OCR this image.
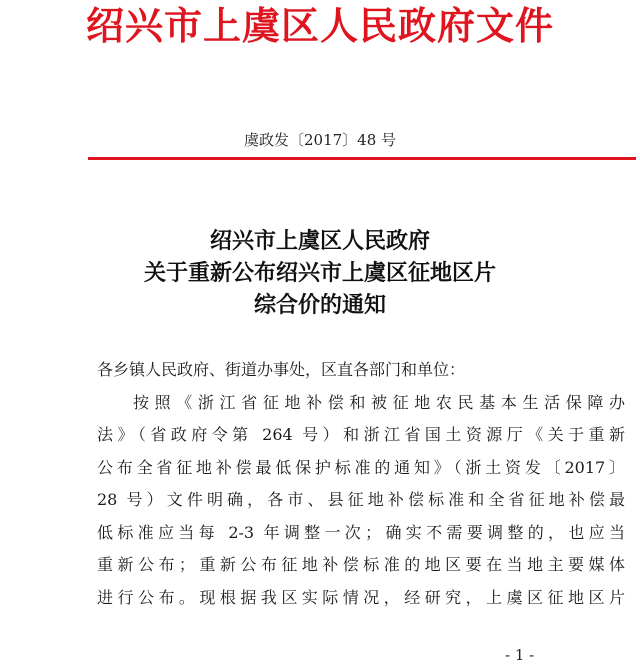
绍兴市上虞区人民政府文件
虞政发〔2017〕48 号
绍兴市上虞区人民政府
关于重新公布绍兴市上虞区征地区片
综合价的通知
各乡镇人民政府、街道办事处，区直各部门和单位：
按照《浙江省征地补偿和被征地农民基本生活保障办
法》（省政府令第 264 号）和浙江省国土资源厅《关于重新
公布全省征地补偿最低保护标准的通知》（浙土资发〔2017〕
28 号）文件明确，各市、县征地补偿标准和全省征地补偿最
低标准应当每 2-3 年调整一次；确实不需要调整的，也应当
重新公布；重新公布征地补偿标准的地区要在当地主要媒体
进行公布。现根据我区实际情况，经研究，上虞区征地区片
- 1 -
